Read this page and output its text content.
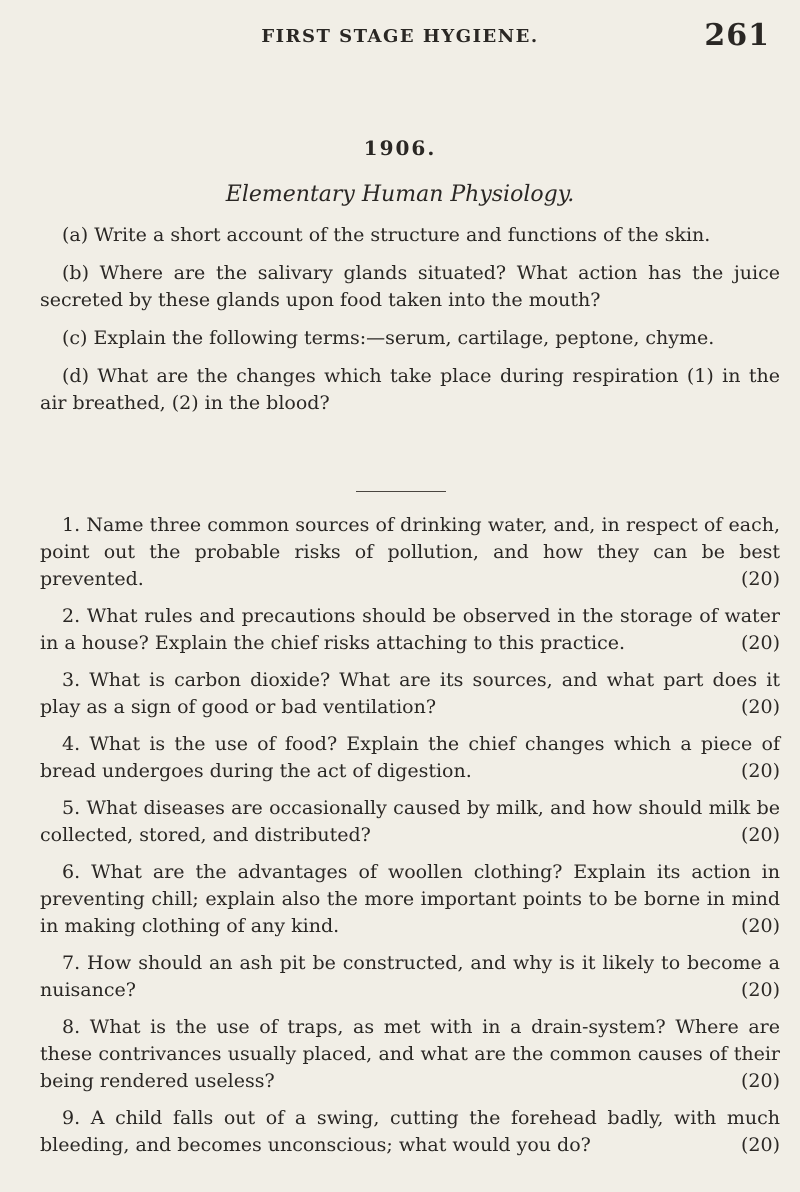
FIRST STAGE HYGIENE.	261
1906.
Elementary Human Physiology.

(a) Write a short account of the structure and functions of the skin.

(b) Where are the salivary glands situated? What action has the juice secreted by these glands upon food taken into the mouth?

(c) Explain the following terms:—serum, cartilage, peptone, chyme.

(d) What are the changes which take place during respiration (1) in the air breathed, (2) in the blood?

1. Name three common sources of drinking water, and, in respect of each, point out the probable risks of pollution, and how they can be best prevented.	(20)

2. What rules and precautions should be observed in the storage of water in a house? Explain the chief risks attaching to this practice.	(20)

3. What is carbon dioxide? What are its sources, and what part does it play as a sign of good or bad ventilation?	(20)

4. What is the use of food? Explain the chief changes which a piece of bread undergoes during the act of digestion.	(20)

5. What diseases are occasionally caused by milk, and how should milk be collected, stored, and distributed?	(20)

6. What are the advantages of woollen clothing? Explain its action in preventing chill; explain also the more important points to be borne in mind in making clothing of any kind.	(20)

7. How should an ash pit be constructed, and why is it likely to become a nuisance?	(20)

8. What is the use of traps, as met with in a drain-system? Where are these contrivances usually placed, and what are the common causes of their being rendered useless?	(20)

9. A child falls out of a swing, cutting the forehead badly, with much bleeding, and becomes unconscious; what would you do?	(20)
